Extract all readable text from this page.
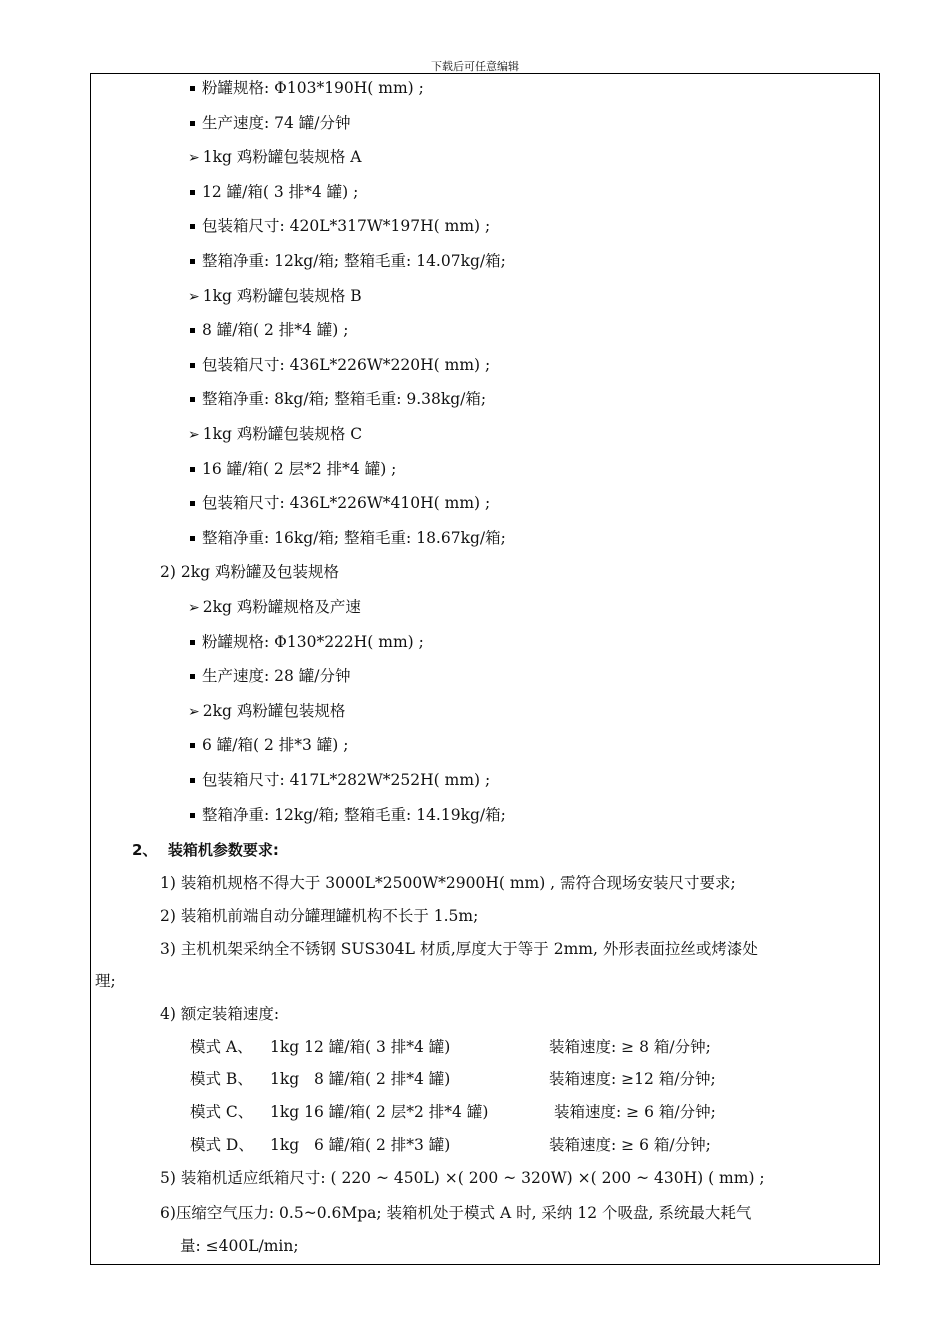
下载后可任意编辑
粉罐规格: Φ103*190H( mm) ;
生产速度: 74 罐/分钟
➢ 1kg 鸡粉罐包装规格 A
12 罐/箱( 3 排*4 罐) ;
包装箱尺寸: 420L*317W*197H( mm) ;
整箱净重: 12kg/箱; 整箱毛重: 14.07kg/箱;
➢ 1kg 鸡粉罐包装规格 B
8 罐/箱( 2 排*4 罐) ;
包装箱尺寸: 436L*226W*220H( mm) ;
整箱净重: 8kg/箱; 整箱毛重: 9.38kg/箱;
➢ 1kg 鸡粉罐包装规格 C
16 罐/箱( 2 层*2 排*4 罐) ;
包装箱尺寸: 436L*226W*410H( mm) ;
整箱净重: 16kg/箱; 整箱毛重: 18.67kg/箱;
2) 2kg 鸡粉罐及包装规格
➢ 2kg 鸡粉罐规格及产速
粉罐规格: Φ130*222H( mm) ;
生产速度: 28 罐/分钟
➢ 2kg 鸡粉罐包装规格
6 罐/箱( 2 排*3 罐) ;
包装箱尺寸: 417L*282W*252H( mm) ;
整箱净重: 12kg/箱; 整箱毛重: 14.19kg/箱;
2、  装箱机参数要求:
1) 装箱机规格不得大于 3000L*2500W*2900H( mm) , 需符合现场安装尺寸要求;
2) 装箱机前端自动分罐理罐机构不长于 1.5m;
3) 主机机架采纳全不锈钢 SUS304L 材质,厚度大于等于 2mm, 外形表面拉丝或烤漆处
理;
4) 额定装箱速度:
模式 A、 1kg 12 罐/箱( 3 排*4 罐)	装箱速度: ≥ 8 箱/分钟;
模式 B、 1kg   8 罐/箱( 2 排*4 罐)	装箱速度: ≥12 箱/分钟;
模式 C、 1kg 16 罐/箱( 2 层*2 排*4 罐)	装箱速度: ≥ 6 箱/分钟;
模式 D、 1kg   6 罐/箱( 2 排*3 罐)	装箱速度: ≥ 6 箱/分钟;
5) 装箱机适应纸箱尺寸: ( 220 ~ 450L) ×( 200 ~ 320W) ×( 200 ~ 430H) ( mm) ;
6)压缩空气压力: 0.5~0.6Mpa; 装箱机处于模式 A 时, 采纳 12 个吸盘, 系统最大耗气
量: ≤400L/min;
